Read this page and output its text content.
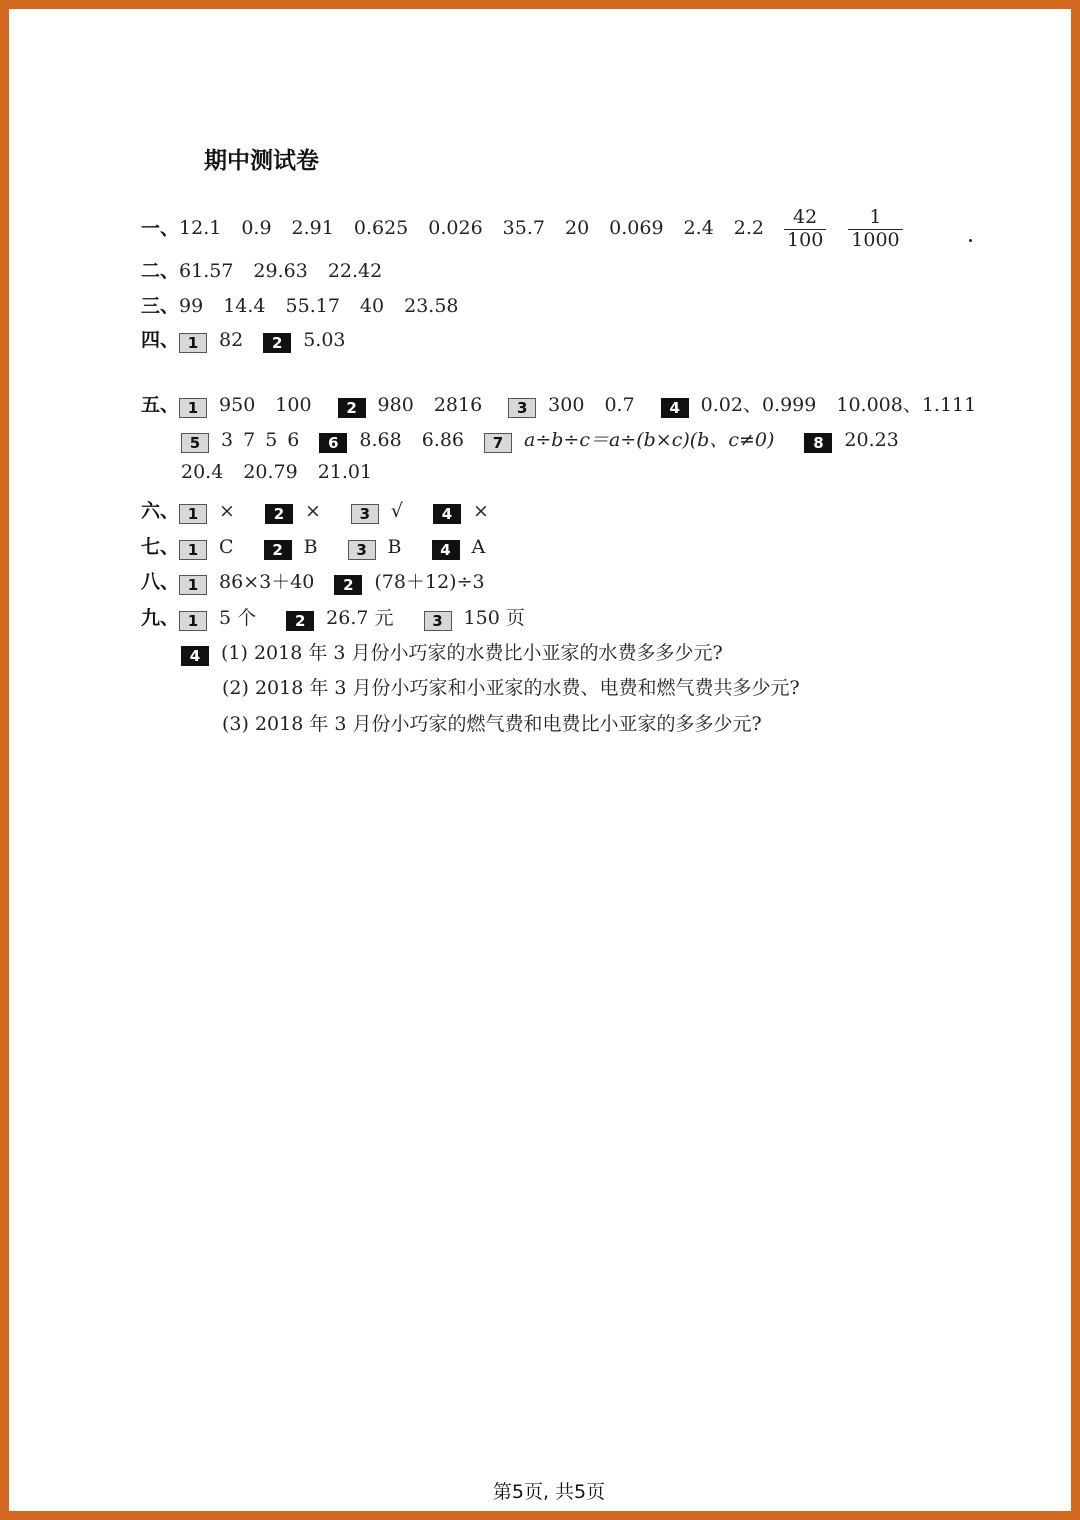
期中测试卷
一、12.1 0.9 2.91 0.625 0.026 35.7 20 0.069 2.4 $2.2 \frac{42}{100} \frac{1}{1000}$
二、61.57 29.63 22.42
三、99 14.4 55.17 40 23.58
四、 1 82 2 5.03
五、 1 950 100 2 980 2816 3 300 0.7 4 0.02、0.999 10.008、1.111
5 3 7 5 6 6 8.68 6.86 7 a÷b÷c＝a÷(b×c)(b、c≠0)	8 20.23
20.4 20.79 21.01
六、 1 ×	2 ×	3 √	4 ×
七、 1 C	2 B	3 B	4 A
八、 1 86×3＋40 2 (78＋12)÷3
九、 1 5 个	2 26.7 元	3 150 页
4 (1) 2018 年 3 月份小巧家的水费比小亚家的水费多多少元?
(2) 2018 年 3 月份小巧家和小亚家的水费、电费和燃气费共多少元?
(3) 2018 年 3 月份小巧家的燃气费和电费比小亚家的多多少元?
第5页, 共5页
